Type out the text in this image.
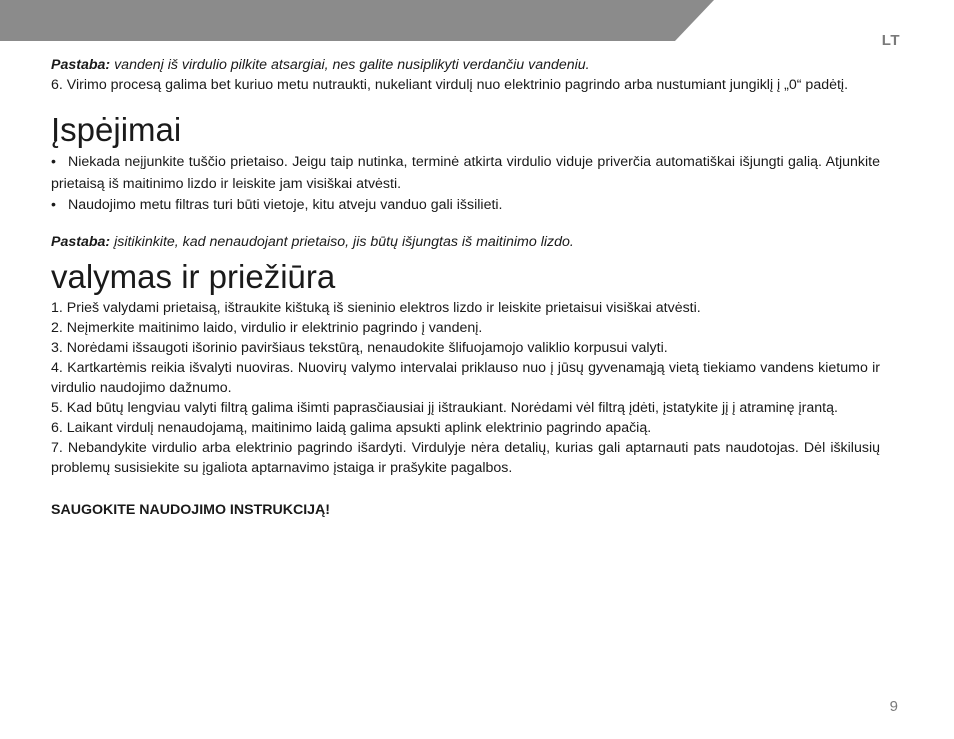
LT

Pastaba: vandenį iš virdulio pilkite atsargiai, nes galite nusiplikyti verdančiu vandeniu.

6. Virimo procesą galima bet kuriuo metu nutraukti, nukeliant virdulį nuo elektrinio pagrindo arba nustumiant jungiklį į „0“ padėtį.

Įspėjimai

• Niekada neįjunkite tuščio prietaiso. Jeigu taip nutinka, terminė atkirta virdulio viduje priverčia automatiškai išjungti galią. Atjunkite prietaisą iš maitinimo lizdo ir leiskite jam visiškai atvėsti.

• Naudojimo metu filtras turi būti vietoje, kitu atveju vanduo gali išsilieti.

Pastaba: įsitikinkite, kad nenaudojant prietaiso, jis būtų išjungtas iš maitinimo lizdo.

valymas ir priežiūra

1. Prieš valydami prietaisą, ištraukite kištuką iš sieninio elektros lizdo ir leiskite prietaisui visiškai atvėsti.

2. Neįmerkite maitinimo laido, virdulio ir elektrinio pagrindo į vandenį.

3. Norėdami išsaugoti išorinio paviršiaus tekstūrą, nenaudokite šlifuojamojo valiklio korpusui valyti.

4. Kartkartėmis reikia išvalyti nuoviras. Nuovirų valymo intervalai priklauso nuo į jūsų gyvenamąją vietą tiekiamo vandens kietumo ir virdulio naudojimo dažnumo.

5. Kad būtų lengviau valyti filtrą galima išimti paprasčiausiai jį ištraukiant. Norėdami vėl filtrą įdėti, įstatykite jį į atraminę įrantą.

6. Laikant virdulį nenaudojamą, maitinimo laidą galima apsukti aplink elektrinio pagrindo apačią.

7. Nebandykite virdulio arba elektrinio pagrindo išardyti. Virdulyje nėra detalių, kurias gali aptarnauti pats naudotojas. Dėl iškilusių problemų susisiekite su įgaliota aptarnavimo įstaiga ir prašykite pagalbos.

SAUGOKITE NAUDOJIMO INSTRUKCIJĄ!

9
